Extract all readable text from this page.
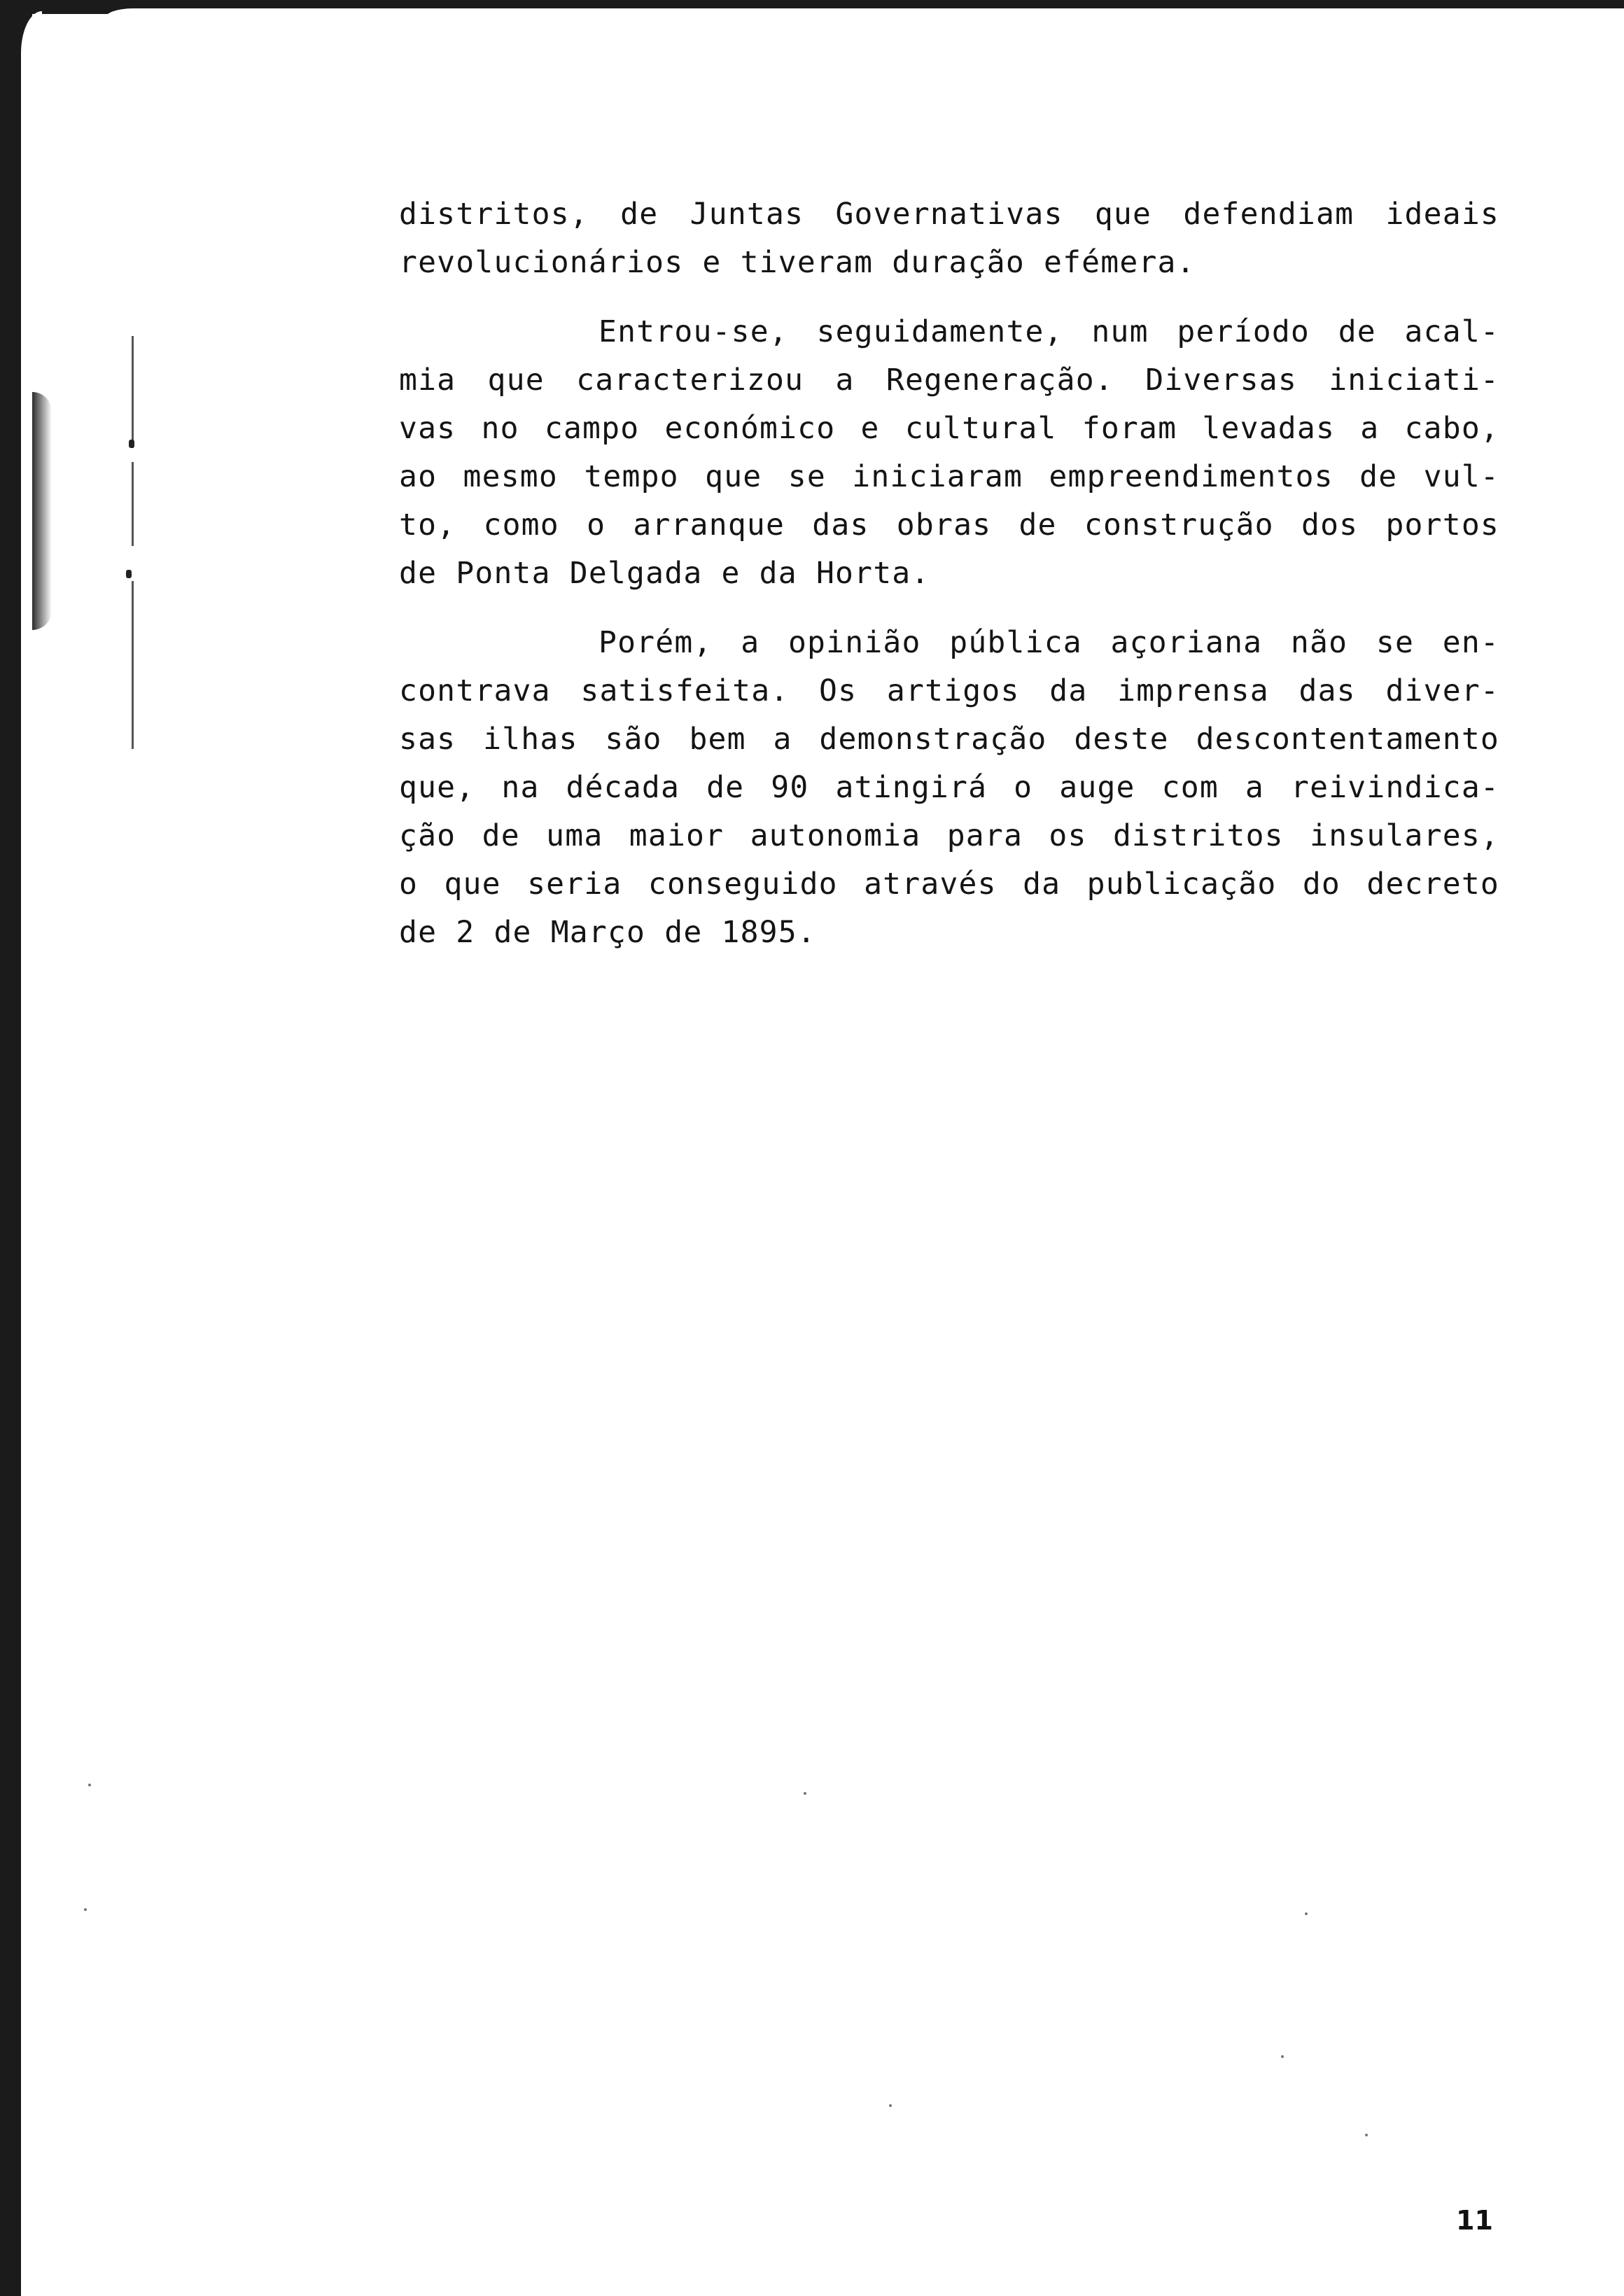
distritos, de Juntas Governativas que defendiam ideais
revolucionários e tiveram duração efémera.

Entrou-se, seguidamente, num período de acal-
mia que caracterizou a Regeneração. Diversas iniciati-
vas no campo económico e cultural foram levadas a cabo,
ao mesmo tempo que se iniciaram empreendimentos de vul-
to, como o arranque das obras de construção dos portos
de Ponta Delgada e da Horta.

Porém, a opinião pública açoriana não se en-
contrava satisfeita. Os artigos da imprensa das diver-
sas ilhas são bem a demonstração deste descontentamento
que, na década de 90 atingirá o auge com a reivindica-
ção de uma maior autonomia para os distritos insulares,
o que seria conseguido através da publicação do decreto
de 2 de Março de 1895.

11
